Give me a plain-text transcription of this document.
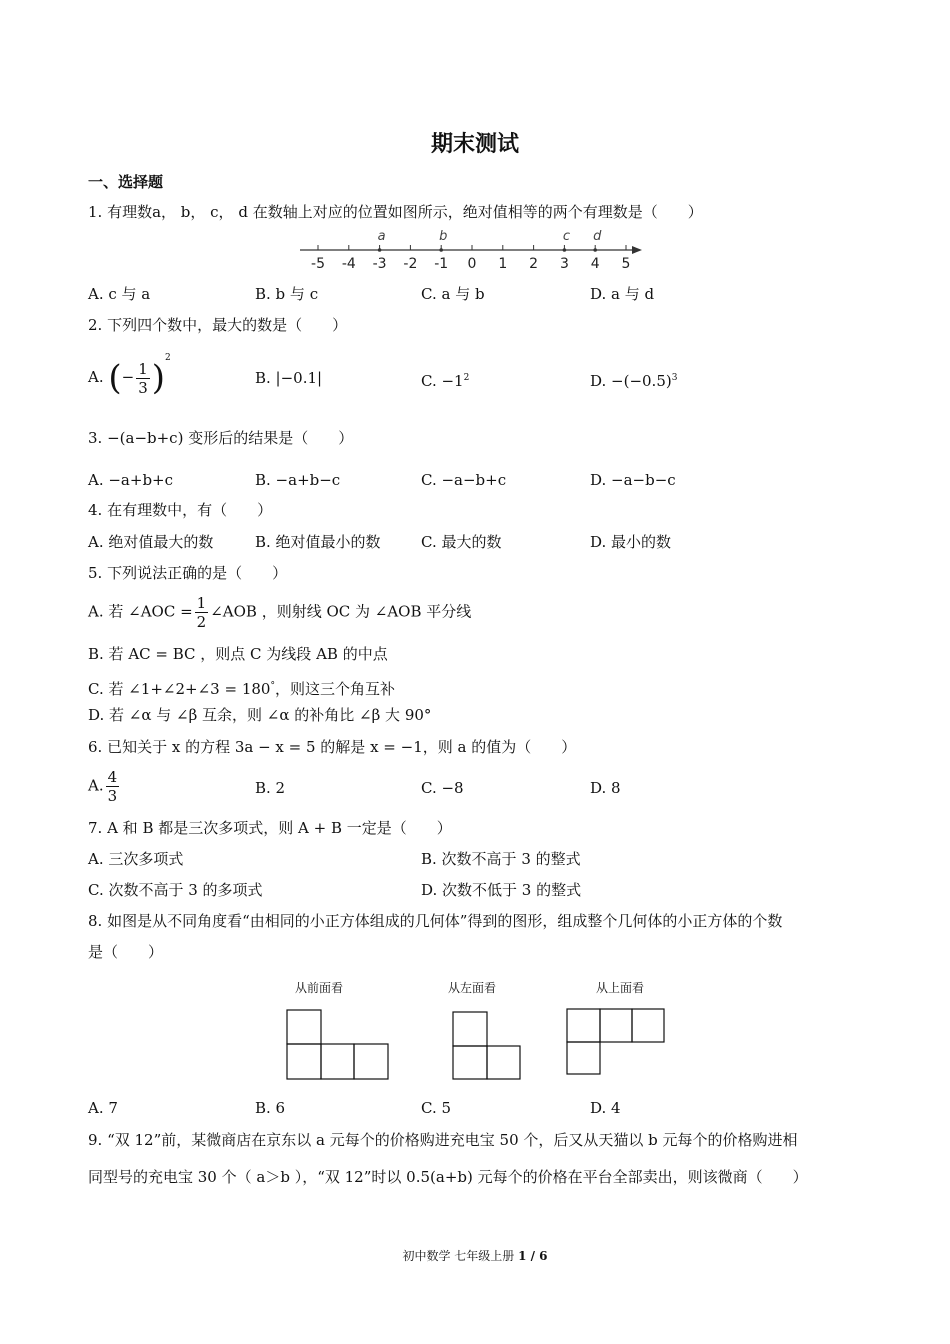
期末测试
一、选择题
1. 有理数a， b， c， d 在数轴上对应的位置如图所示，绝对值相等的两个有理数是（　　）
-5 -4 -3 -2 -1 0 1 2 3 4 5
a	b	c d
A. c 与 a	B. b 与 c	C. a 与 b	D. a 与 d
2. 下列四个数中，最大的数是（　　）
A. (− $\frac{1}{3} )^2$
B. |−0.1|	C. $-1^2$	D. $-(-0.5)^3$
3. −(a−b+c) 变形后的结果是（　　）
A. −a+b+c	B. −a+b−c	C. −a−b+c	D. −a−b−c
4. 在有理数中，有（　　）
A. 绝对值最大的数	B. 绝对值最小的数	C. 最大的数	D. 最小的数
5. 下列说法正确的是（　　）
A. 若 ∠AOC = $\frac{1}{2}$ ∠AOB ，则射线 OC 为 ∠AOB 平分线
B. 若 AC = BC ，则点 C 为线段 AB 的中点
C. 若 ∠1+∠2+∠3 = 180°，则这三个角互补
D. 若 ∠α 与 ∠β 互余，则 ∠α 的补角比 ∠β 大 90°
6. 已知关于 x 的方程 3a − x = 5 的解是 x = −1，则 a 的值为（　　）
A. $\frac{4}{3}$	B. 2	C. −8	D. 8
7. A 和 B 都是三次多项式，则 A + B 一定是（　　）
A. 三次多项式	B. 次数不高于 3 的整式
C. 次数不高于 3 的多项式	D. 次数不低于 3 的整式
8. 如图是从不同角度看“由相同的小正方体组成的几何体”得到的图形，组成整个几何体的小正方体的个数
是（　　）
从前面看	从左面看	从上面看
A. 7	B. 6	C. 5	D. 4
9. “双 12”前，某微商店在京东以 a 元每个的价格购进充电宝 50 个，后又从天猫以 b 元每个的价格购进相
同型号的充电宝 30 个（ a＞b ），“双 12”时以 0.5(a+b) 元每个的价格在平台全部卖出，则该微商（　　）
初中数学 七年级上册 1 / 6
